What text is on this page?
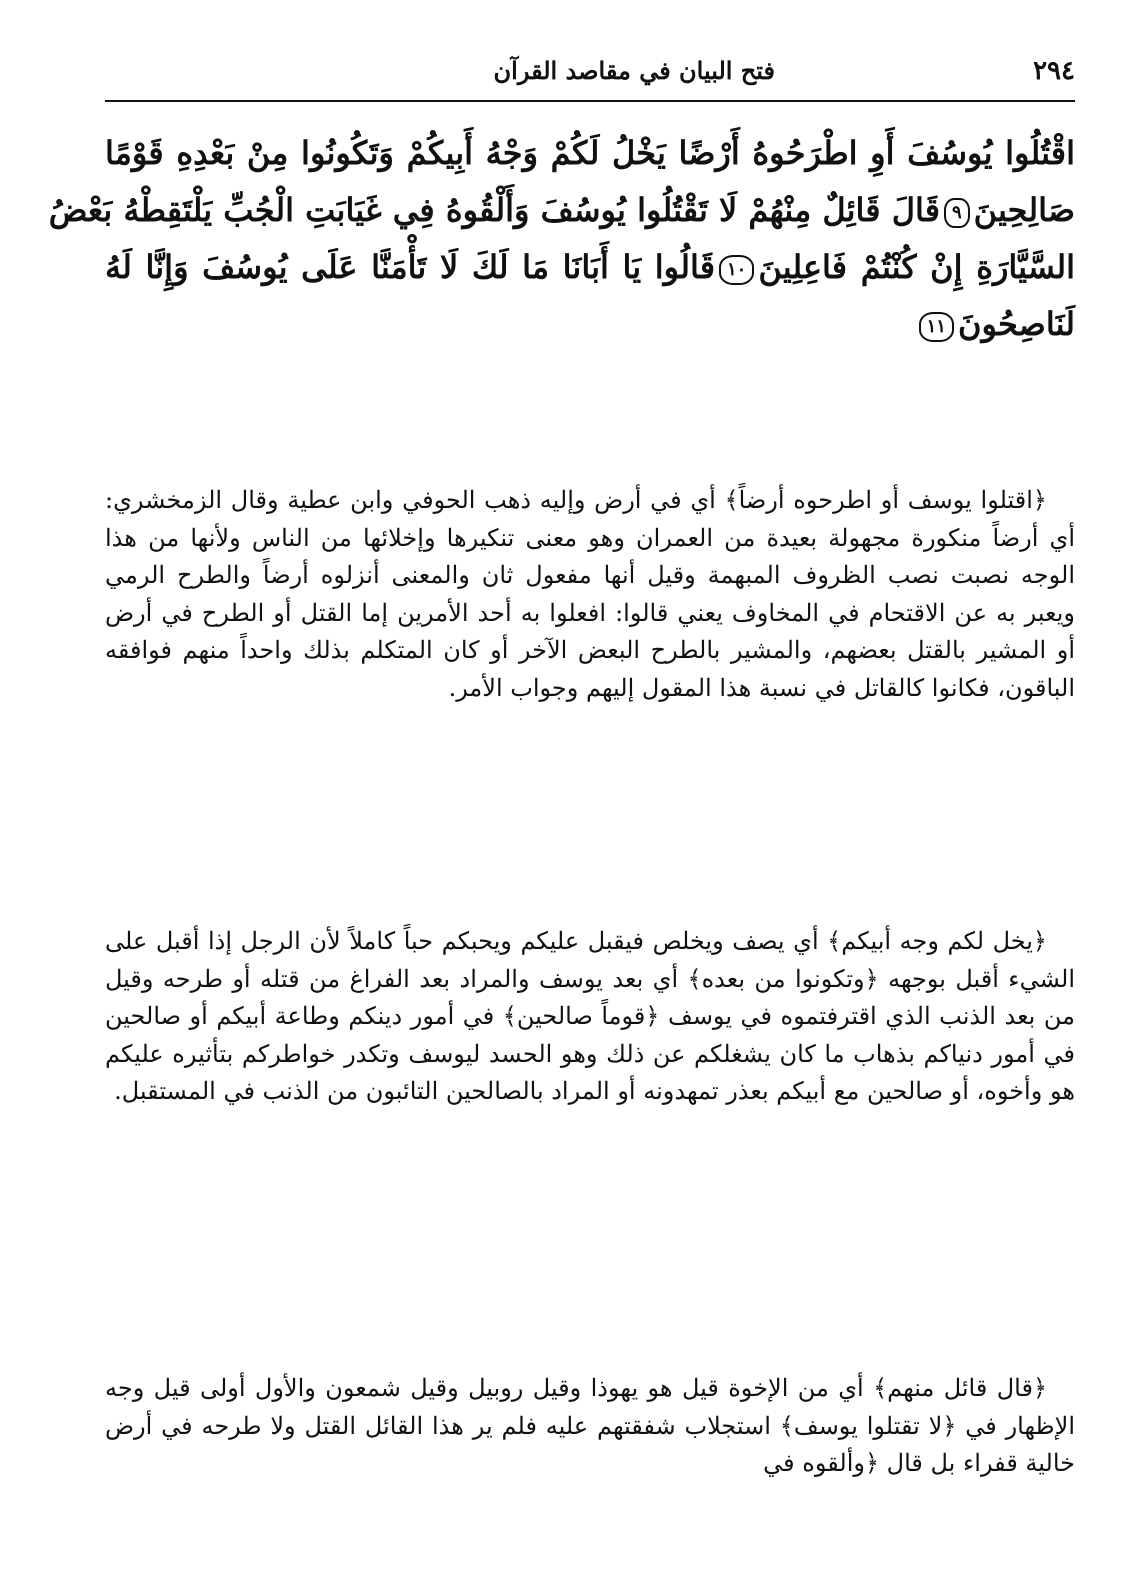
٢٩٤
فتح البيان في مقاصد القرآن
اقْتُلُوا يُوسُفَ أَوِ اطْرَحُوهُ أَرْضًا يَخْلُ لَكُمْ وَجْهُ أَبِيكُمْ وَتَكُونُوا مِنْ بَعْدِهِ قَوْمًا
صَالِحِينَ٩قَالَ قَائِلٌ مِنْهُمْ لَا تَقْتُلُوا يُوسُفَ وَأَلْقُوهُ فِي غَيَابَتِ الْجُبِّ يَلْتَقِطْهُ بَعْضُ
السَّيَّارَةِ إِنْ كُنْتُمْ فَاعِلِينَ١٠قَالُوا يَا أَبَانَا مَا لَكَ لَا تَأْمَنَّا عَلَى يُوسُفَ وَإِنَّا لَهُ
لَنَاصِحُونَ١١

﴿اقتلوا يوسف أو اطرحوه أرضاً﴾ أي في أرض وإليه ذهب الحوفي وابن عطية وقال الزمخشري: أي أرضاً منكورة مجهولة بعيدة من العمران وهو معنى تنكيرها وإخلائها من الناس ولأنها من هذا الوجه نصبت نصب الظروف المبهمة وقيل أنها مفعول ثان والمعنى أنزلوه أرضاً والطرح الرمي ويعبر به عن الاقتحام في المخاوف يعني قالوا: افعلوا به أحد الأمرين إما القتل أو الطرح في أرض أو المشير بالقتل بعضهم، والمشير بالطرح البعض الآخر أو كان المتكلم بذلك واحداً منهم فوافقه الباقون، فكانوا كالقاتل في نسبة هذا المقول إليهم وجواب الأمر.

﴿يخل لكم وجه أبيكم﴾ أي يصف ويخلص فيقبل عليكم ويحبكم حباً كاملاً لأن الرجل إذا أقبل على الشيء أقبل بوجهه ﴿وتكونوا من بعده﴾ أي بعد يوسف والمراد بعد الفراغ من قتله أو طرحه وقيل من بعد الذنب الذي اقترفتموه في يوسف ﴿قوماً صالحين﴾ في أمور دينكم وطاعة أبيكم أو صالحين في أمور دنياكم بذهاب ما كان يشغلكم عن ذلك وهو الحسد ليوسف وتكدر خواطركم بتأثيره عليكم هو وأخوه، أو صالحين مع أبيكم بعذر تمهدونه أو المراد بالصالحين التائبون من الذنب في المستقبل.

﴿قال قائل منهم﴾ أي من الإخوة قيل هو يهوذا وقيل روبيل وقيل شمعون والأول أولى قيل وجه الإظهار في ﴿لا تقتلوا يوسف﴾ استجلاب شفقتهم عليه فلم ير هذا القائل القتل ولا طرحه في أرض خالية قفراء بل قال ﴿وألقوه في
